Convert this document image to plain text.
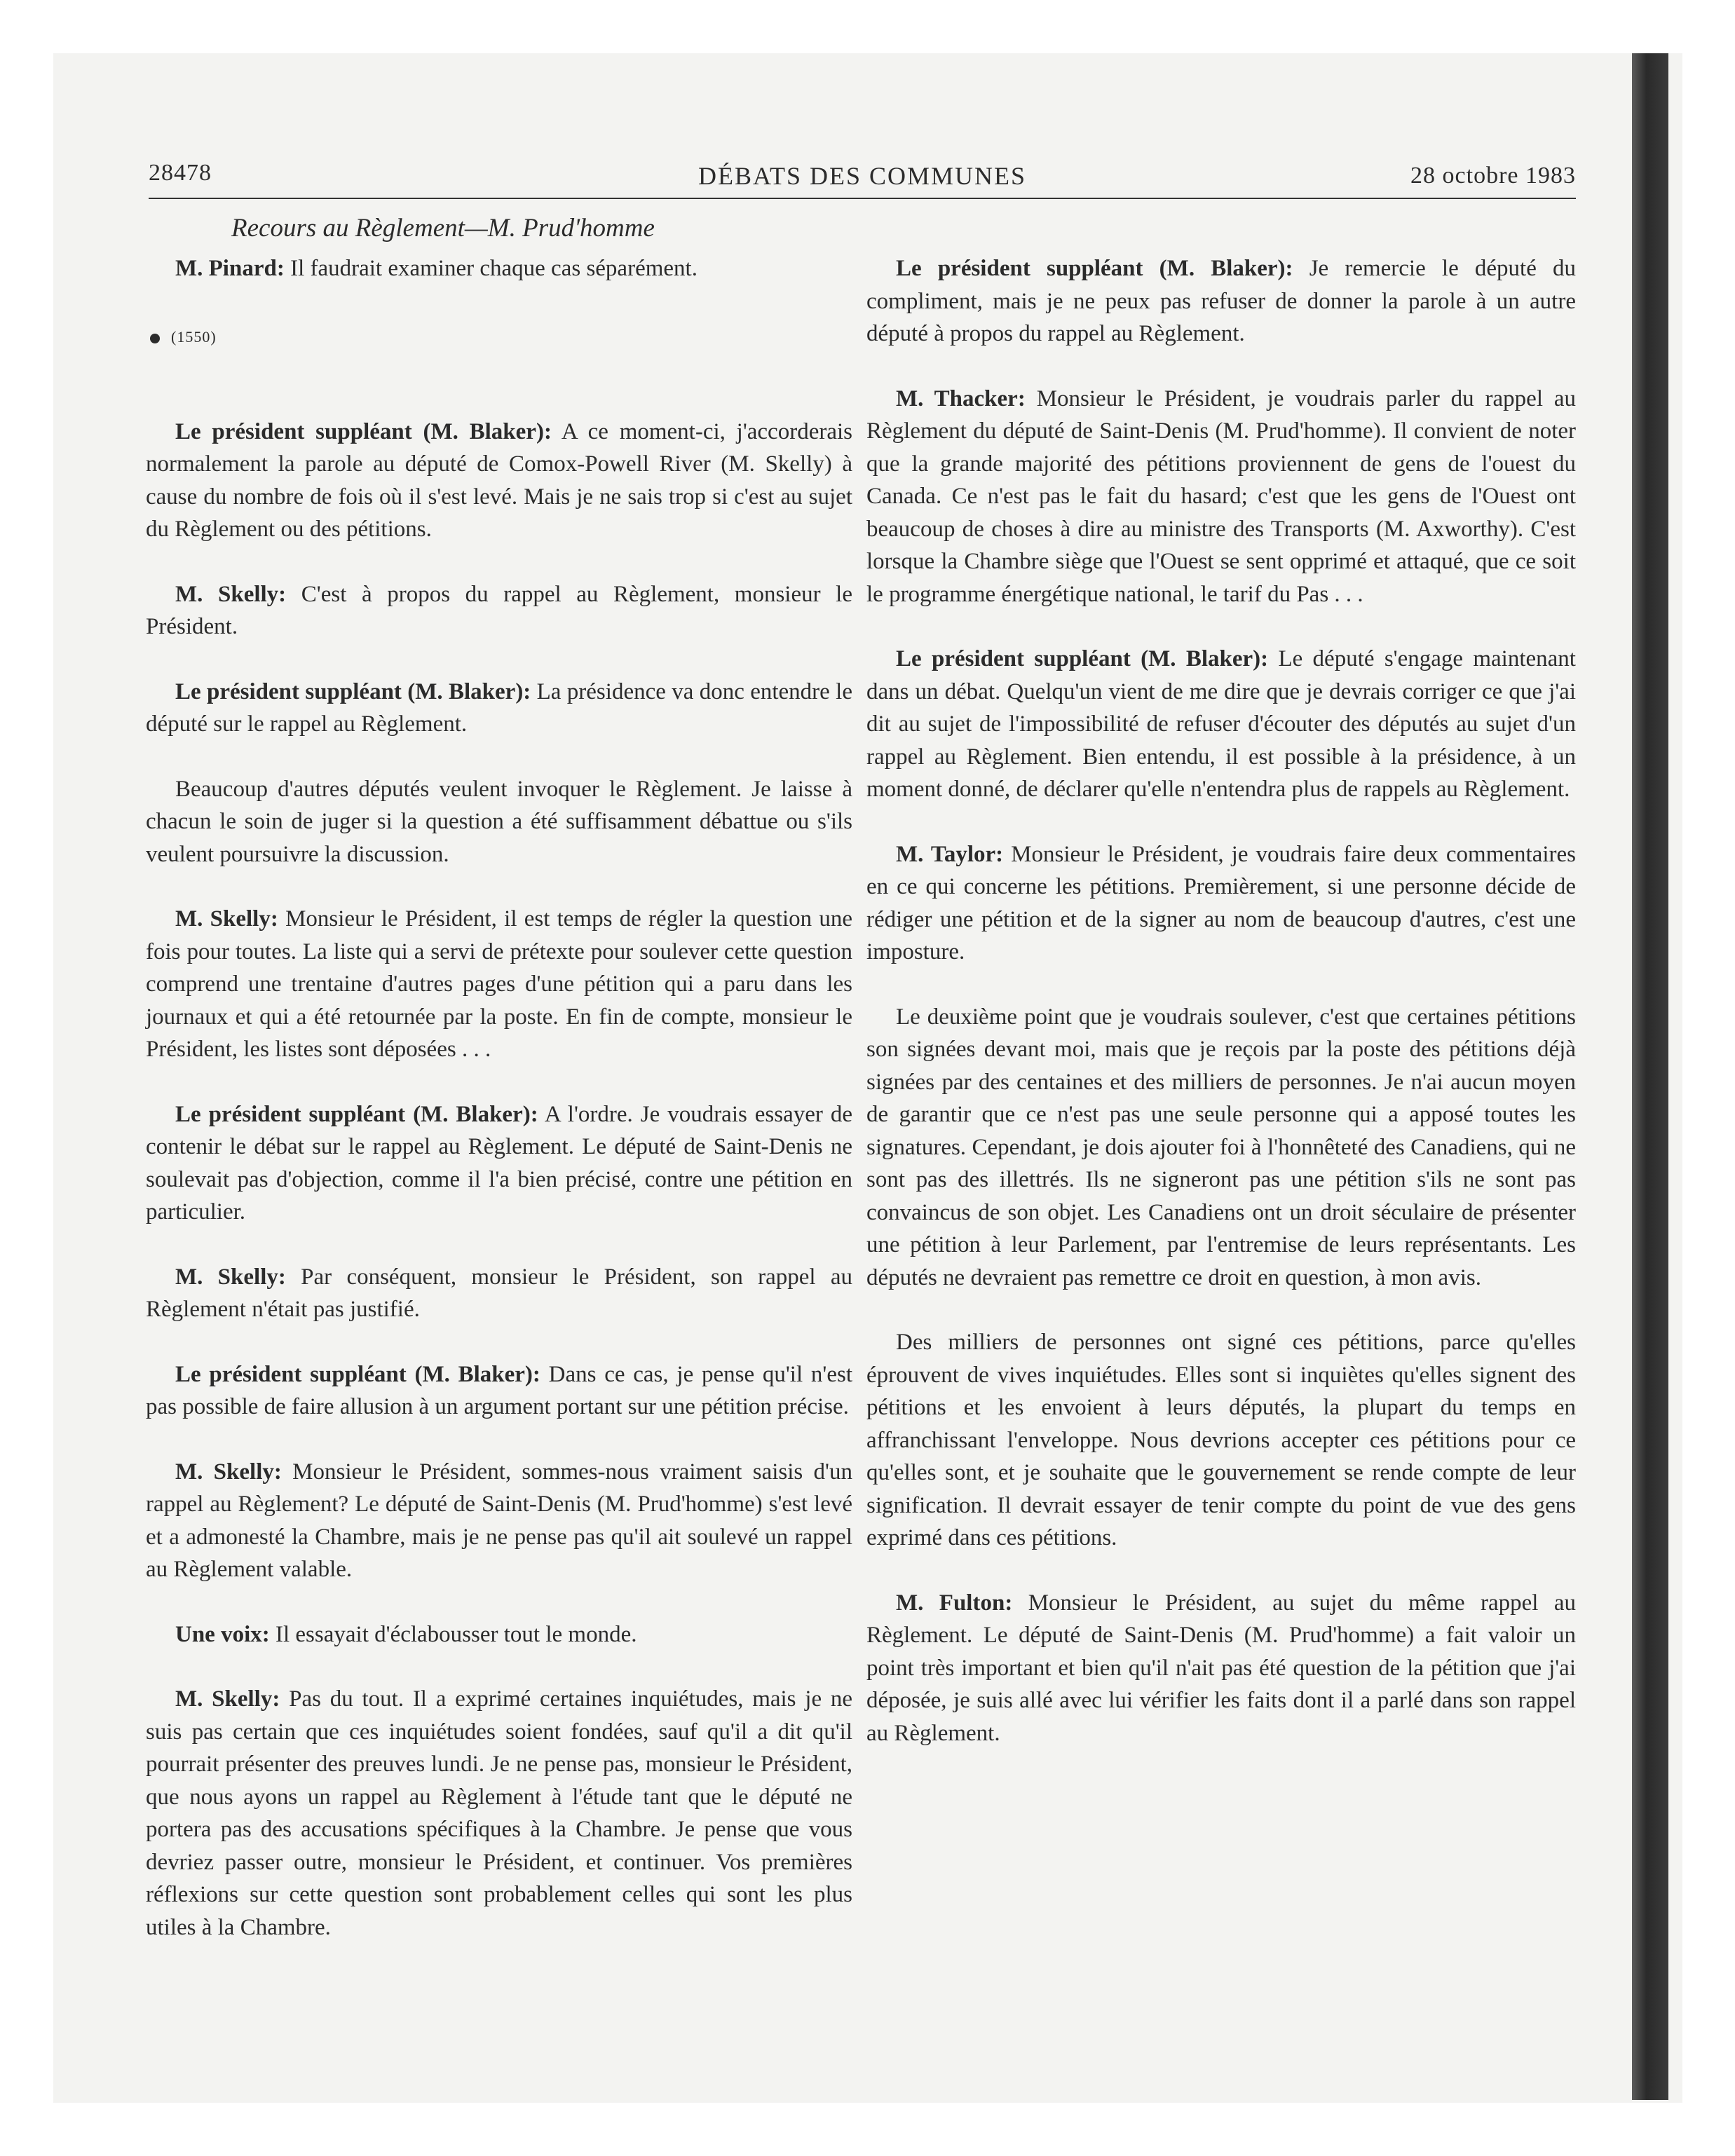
28478	DÉBATS DES COMMUNES	28 octobre 1983
Recours au Règlement—M. Prud'homme
(1550)

M. Pinard: Il faudrait examiner chaque cas séparément.

Le président suppléant (M. Blaker): A ce moment-ci, j'accorderais normalement la parole au député de Comox-Powell River (M. Skelly) à cause du nombre de fois où il s'est levé. Mais je ne sais trop si c'est au sujet du Règlement ou des pétitions.

M. Skelly: C'est à propos du rappel au Règlement, monsieur le Président.

Le président suppléant (M. Blaker): La présidence va donc entendre le député sur le rappel au Règlement.

Beaucoup d'autres députés veulent invoquer le Règlement. Je laisse à chacun le soin de juger si la question a été suffisamment débattue ou s'ils veulent poursuivre la discussion.

M. Skelly: Monsieur le Président, il est temps de régler la question une fois pour toutes. La liste qui a servi de prétexte pour soulever cette question comprend une trentaine d'autres pages d'une pétition qui a paru dans les journaux et qui a été retournée par la poste. En fin de compte, monsieur le Président, les listes sont déposées . . .

Le président suppléant (M. Blaker): A l'ordre. Je voudrais essayer de contenir le débat sur le rappel au Règlement. Le député de Saint-Denis ne soulevait pas d'objection, comme il l'a bien précisé, contre une pétition en particulier.

M. Skelly: Par conséquent, monsieur le Président, son rappel au Règlement n'était pas justifié.

Le président suppléant (M. Blaker): Dans ce cas, je pense qu'il n'est pas possible de faire allusion à un argument portant sur une pétition précise.

M. Skelly: Monsieur le Président, sommes-nous vraiment saisis d'un rappel au Règlement? Le député de Saint-Denis (M. Prud'homme) s'est levé et a admonesté la Chambre, mais je ne pense pas qu'il ait soulevé un rappel au Règlement valable.

Une voix: Il essayait d'éclabousser tout le monde.

M. Skelly: Pas du tout. Il a exprimé certaines inquiétudes, mais je ne suis pas certain que ces inquiétudes soient fondées, sauf qu'il a dit qu'il pourrait présenter des preuves lundi. Je ne pense pas, monsieur le Président, que nous ayons un rappel au Règlement à l'étude tant que le député ne portera pas des accusations spécifiques à la Chambre. Je pense que vous devriez passer outre, monsieur le Président, et continuer. Vos premières réflexions sur cette question sont probablement celles qui sont les plus utiles à la Chambre.

Le président suppléant (M. Blaker): Je remercie le député du compliment, mais je ne peux pas refuser de donner la parole à un autre député à propos du rappel au Règlement.

M. Thacker: Monsieur le Président, je voudrais parler du rappel au Règlement du député de Saint-Denis (M. Prud'homme). Il convient de noter que la grande majorité des pétitions proviennent de gens de l'ouest du Canada. Ce n'est pas le fait du hasard; c'est que les gens de l'Ouest ont beaucoup de choses à dire au ministre des Transports (M. Axworthy). C'est lorsque la Chambre siège que l'Ouest se sent opprimé et attaqué, que ce soit le programme énergétique national, le tarif du Pas . . .

Le président suppléant (M. Blaker): Le député s'engage maintenant dans un débat. Quelqu'un vient de me dire que je devrais corriger ce que j'ai dit au sujet de l'impossibilité de refuser d'écouter des députés au sujet d'un rappel au Règlement. Bien entendu, il est possible à la présidence, à un moment donné, de déclarer qu'elle n'entendra plus de rappels au Règlement.

M. Taylor: Monsieur le Président, je voudrais faire deux commentaires en ce qui concerne les pétitions. Premièrement, si une personne décide de rédiger une pétition et de la signer au nom de beaucoup d'autres, c'est une imposture.

Le deuxième point que je voudrais soulever, c'est que certaines pétitions son signées devant moi, mais que je reçois par la poste des pétitions déjà signées par des centaines et des milliers de personnes. Je n'ai aucun moyen de garantir que ce n'est pas une seule personne qui a apposé toutes les signatures. Cependant, je dois ajouter foi à l'honnêteté des Canadiens, qui ne sont pas des illettrés. Ils ne signeront pas une pétition s'ils ne sont pas convaincus de son objet. Les Canadiens ont un droit séculaire de présenter une pétition à leur Parlement, par l'entremise de leurs représentants. Les députés ne devraient pas remettre ce droit en question, à mon avis.

Des milliers de personnes ont signé ces pétitions, parce qu'elles éprouvent de vives inquiétudes. Elles sont si inquiètes qu'elles signent des pétitions et les envoient à leurs députés, la plupart du temps en affranchissant l'enveloppe. Nous devrions accepter ces pétitions pour ce qu'elles sont, et je souhaite que le gouvernement se rende compte de leur signification. Il devrait essayer de tenir compte du point de vue des gens exprimé dans ces pétitions.

M. Fulton: Monsieur le Président, au sujet du même rappel au Règlement. Le député de Saint-Denis (M. Prud'homme) a fait valoir un point très important et bien qu'il n'ait pas été question de la pétition que j'ai déposée, je suis allé avec lui vérifier les faits dont il a parlé dans son rappel au Règlement.
